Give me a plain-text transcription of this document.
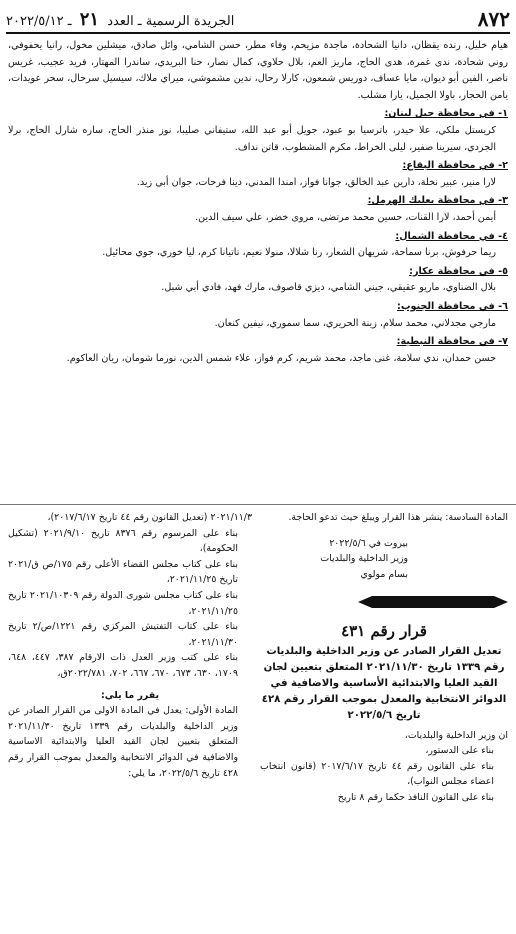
٨٧٢
الجريدة الرسمية ـ العدد ٢١ ـ ٢٠٢٢/٥/١٢

هيام خليل، رنده يقظان، دانيا الشحادة، ماجدة مزيحم، وفاء مطر، حسن الشامي، وائل صادق، ميشلين مخول، رانيا يحفوفي، روني شحادة، ندى غمرة، هدى الحاج، ماريز العم، بلال حلاوي، كمال نصار، حنا البريدي، ساندرا المهتار، فريد عجيب، غريس ناصر، الفين أبو ديوان، مايا عساف، دوريس شمعون، كارلا رحال، ندين مشموشي، ميراي ملاك، سيسيل سرحال، سحر عويدات، يامن الحجار، باولا الجميل، يارا مشلب.

١- في محافظة جبل لبنان:

كريستل ملكي، علا حيدر، باترسيا بو عبود، جويل أبو عبد الله، ستيفاني صليبا، نوز منذر الحاج، ساره شارل الحاج، برلا الجردي، سيرينا صفير، ليلى الخراط، مكرم المشطوب، قاتن نداف.

٢- في محافظة البقاع:

لارا منير، عبير نخلة، دارين عبد الخالق، جوانا فواز، امندا المدني، دينا فرحات، جوان أبي زيد.

٣- في محافظة بعلبك الهرمل:

أيمن أحمد، لارا القنات، حسين محمد مرتضى، مروى خضر، علي سيف الدين.

٤- في محافظة الشمال:

ريما حرفوش، برنا سماحة، شريهان الشعار، رنا شلالا، منولا نعيم، تاتيانا كرم، ليا خوري، جوي محائيل.

٥- في محافظة عكار:

بلال الضناوي، ماريو عقيقي، جيني الشامي، ديزي قاصوف، مارك فهد، فادي أبي شبل.

٦- في محافظة الجنوب:

مارجي مجدلاني، محمد سلام، زينة الحريري، سما سموري، نيفين كنعان.

٧- في محافظة النبطية:

حسن حمدان، ندي سلامة، غنى ماجد، محمد شريم، كرم فواز، علاء شمس الدين، نورما شومان، ريان العاكوم.

المادة السادسة: ينشر هذا القرار ويبلغ حيث تدعو الحاجة.

بيروت في ٢٠٢٢/٥/٦

وزير الداخلية والبلديات

بسام مولوي

قرار رقم ٤٣١

تعديل القرار الصادر عن وزير الداخلية والبلديات رقم ١٣٣٩ تاريخ ٢٠٢١/١١/٣٠ المتعلق بتعيين لجان القيد العليا والابتدائية الأساسية والاضافية في الدوائر الانتخابية والمعدل بموجب القرار رقم ٤٢٨ تاريخ ٢٠٢٢/٥/٦

ان وزير الداخلية والبلديات،

بناء على الدستور،

بناء على القانون رقم ٤٤ تاريخ ٢٠١٧/٦/١٧ (قانون انتخاب اعضاء مجلس النواب)،

بناء على القانون النافذ حكما رقم ٨ تاريخ

٢٠٢١/١١/٣ (تعديل القانون رقم ٤٤ تاريخ ٢٠١٧/٦/١٧)،

بناء على المرسوم رقم ٨٣٧٦ تاريخ ٢٠٢١/٩/١٠ (تشكيل الحكومة)،

بناء على كتاب مجلس القضاء الأعلى رقم ١٧٥/ص ق/٢٠٢١ تاريخ ٢٠٢١/١١/٢٥،

بناء على كتاب مجلس شورى الدولة رقم ٢٠٢١/١٠٣٠٩ تاريخ ٢٠٢١/١١/٢٥،

بناء على كتاب التفتيش المركزي رقم ١٢٢١/ص/٢ تاريخ ٢٠٢١/١١/٣٠،

بناء على كتب وزير العدل ذات الارقام ٣٨٧، ٤٤٧، ٦٤٨، ١٧٠٩، ٦٣٠، ٦٧٣، ٦٧٠، ٦٦٧، ٧٠٢، ٢٠٢٢/٧٨١ق،

يقرر ما يلي:

المادة الأولى: يعدل في المادة الاولى من القرار الصادر عن وزير الداخلية والبلديات رقم ١٣٣٩ تاريخ ٢٠٢١/١١/٣٠ المتعلق بتعيين لجان القيد العليا والابتدائية الاساسية والاضافية في الدوائر الانتخابية والمعدل بموجب القرار رقم ٤٢٨ تاريخ ٢٠٢٢/٥/٦، ما يلي:
